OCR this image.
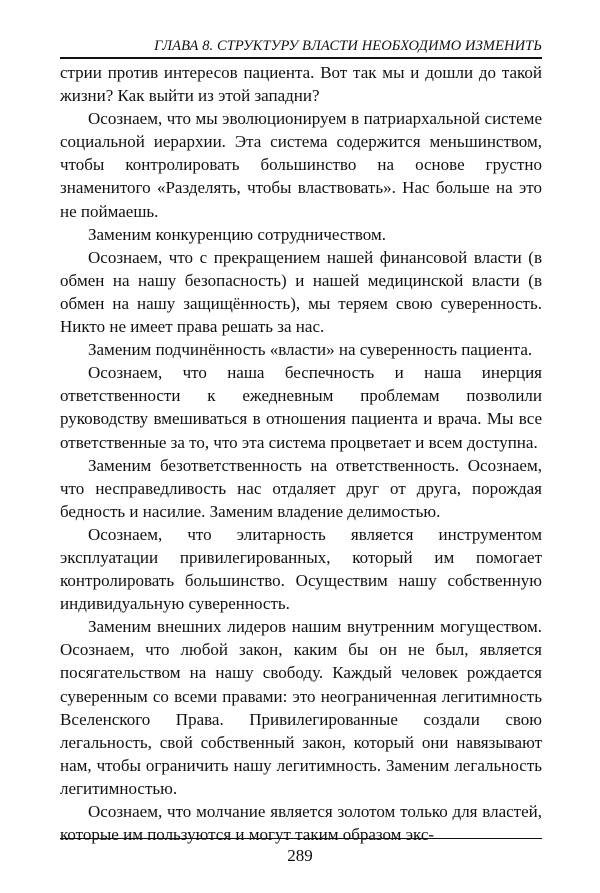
ГЛАВА 8. СТРУКТУРУ ВЛАСТИ НЕОБХОДИМО ИЗМЕНИТЬ

стрии против интересов пациента. Вот так мы и дошли до такой жизни? Как выйти из этой западни?

Осознаем, что мы эволюционируем в патриархальной системе социальной иерархии. Эта система содержится меньшинством, чтобы контролировать большинство на основе грустно знаменитого «Разделять, чтобы властвовать». Нас больше на это не поймаешь.

Заменим конкуренцию сотрудничеством.

Осознаем, что с прекращением нашей финансовой власти (в обмен на нашу безопасность) и нашей медицинской власти (в обмен на нашу защищённость), мы теряем свою суверенность. Никто не имеет права решать за нас.

Заменим подчинённость «власти» на суверенность пациента.

Осознаем, что наша беспечность и наша инерция ответственности к ежедневным проблемам позволили руководству вмешиваться в отношения пациента и врача. Мы все ответственные за то, что эта система процветает и всем доступна.

Заменим безответственность на ответственность. Осознаем, что несправедливость нас отдаляет друг от друга, порождая бедность и насилие. Заменим владение делимостью.

Осознаем, что элитарность является инструментом эксплуатации привилегированных, который им помогает контролировать большинство. Осуществим нашу собственную индивидуальную суверенность.

Заменим внешних лидеров нашим внутренним могуществом. Осознаем, что любой закон, каким бы он не был, является посягательством на нашу свободу. Каждый человек рождается суверенным со всеми правами: это неограниченная легитимность Вселенского Права. Привилегированные создали свою легальность, свой собственный закон, который они навязывают нам, чтобы ограничить нашу легитимность. Заменим легальность легитимностью.

Осознаем, что молчание является золотом только для властей, которые им пользуются и могут таким образом экс-

289
